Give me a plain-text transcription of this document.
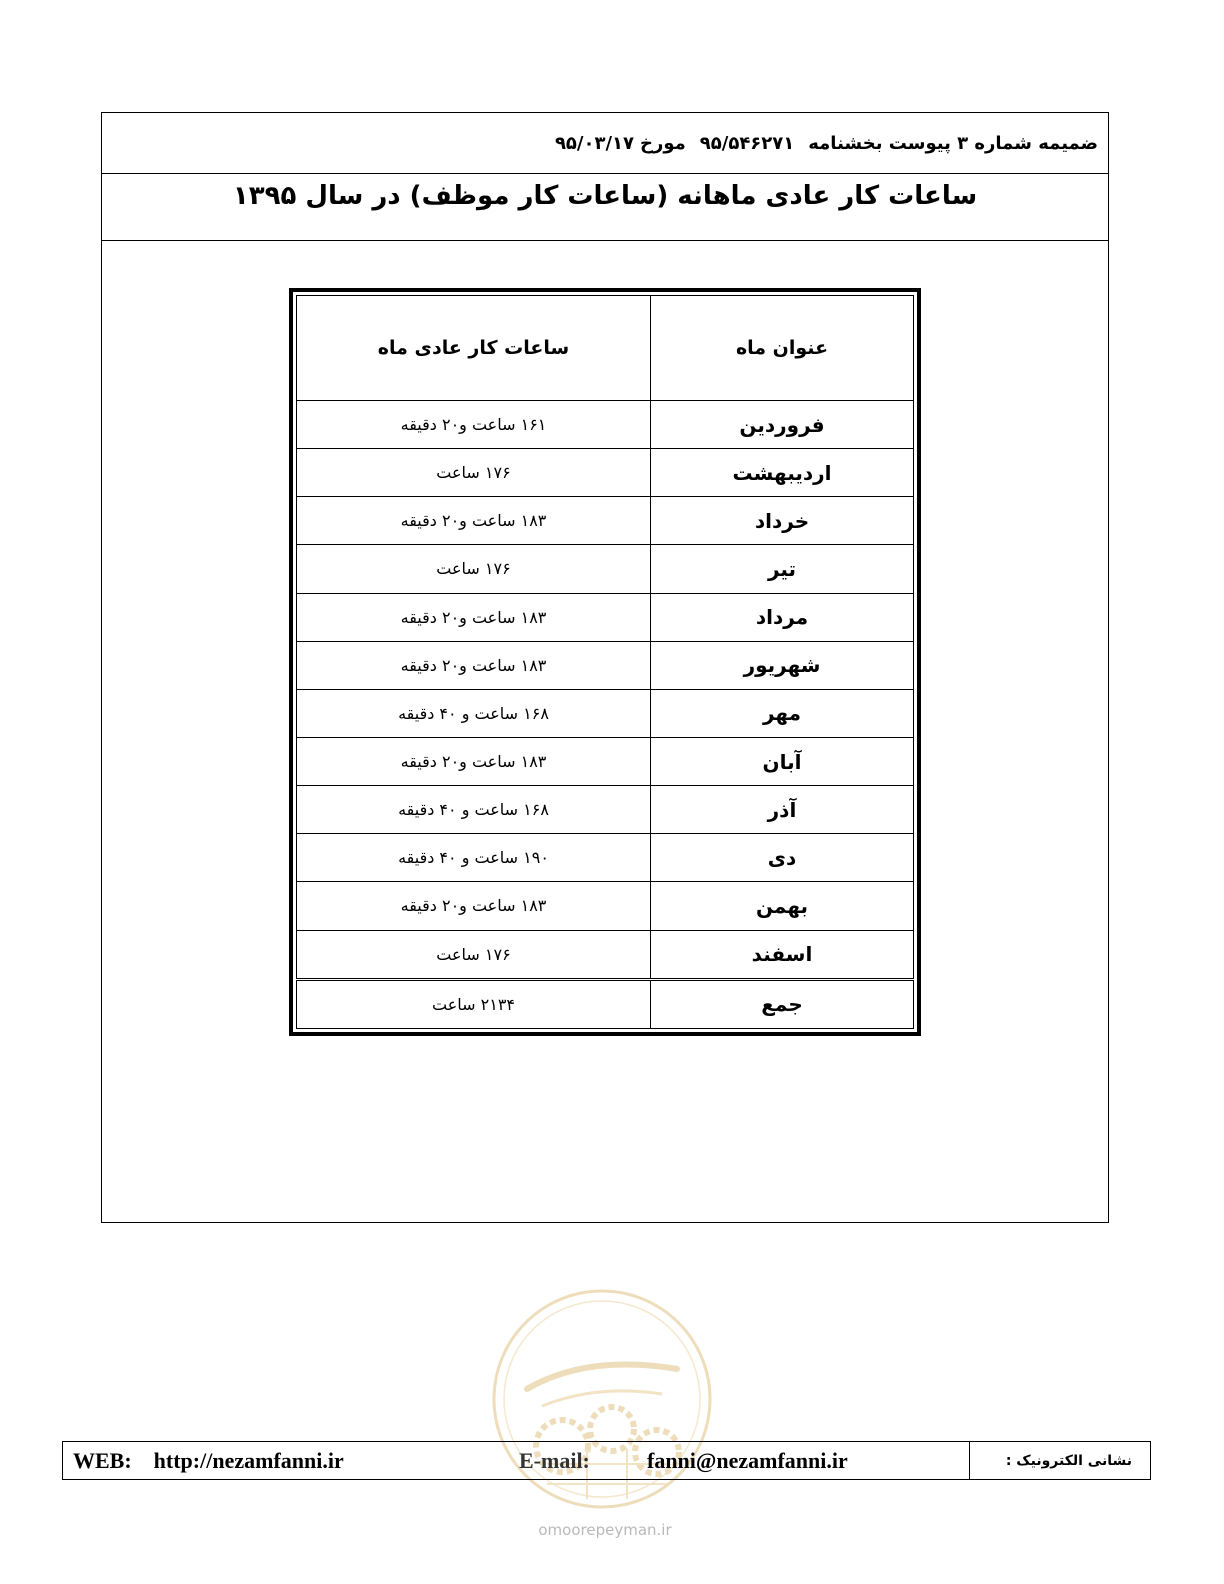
ضمیمه شماره ۳ پیوست بخشنامه
۹۵/۵۴۶۲۷۱
مورخ
۹۵/۰۳/۱۷
ساعات کار عادی ماهانه (ساعات کار موظف) در سال ۱۳۹۵
عنوان ماه	ساعات کار عادی ماه
فروردین	۱۶۱ ساعت و۲۰ دقیقه
اردیبهشت	۱۷۶ ساعت
خرداد	۱۸۳ ساعت و۲۰ دقیقه
تیر	۱۷۶ ساعت
مرداد	۱۸۳ ساعت و۲۰ دقیقه
شهریور	۱۸۳ ساعت و۲۰ دقیقه
مهر	۱۶۸ ساعت و ۴۰ دقیقه
آبان	۱۸۳ ساعت و۲۰ دقیقه
آذر	۱۶۸ ساعت و ۴۰ دقیقه
دی	۱۹۰ ساعت و ۴۰ دقیقه
بهمن	۱۸۳ ساعت و۲۰ دقیقه
اسفند	۱۷۶ ساعت
جمع	۲۱۳۴ ساعت
WEB:    http://nezamfanni.ir	E-mail:	fanni@nezamfanni.ir	نشانی الکترونیک :
omoorepeyman.ir
